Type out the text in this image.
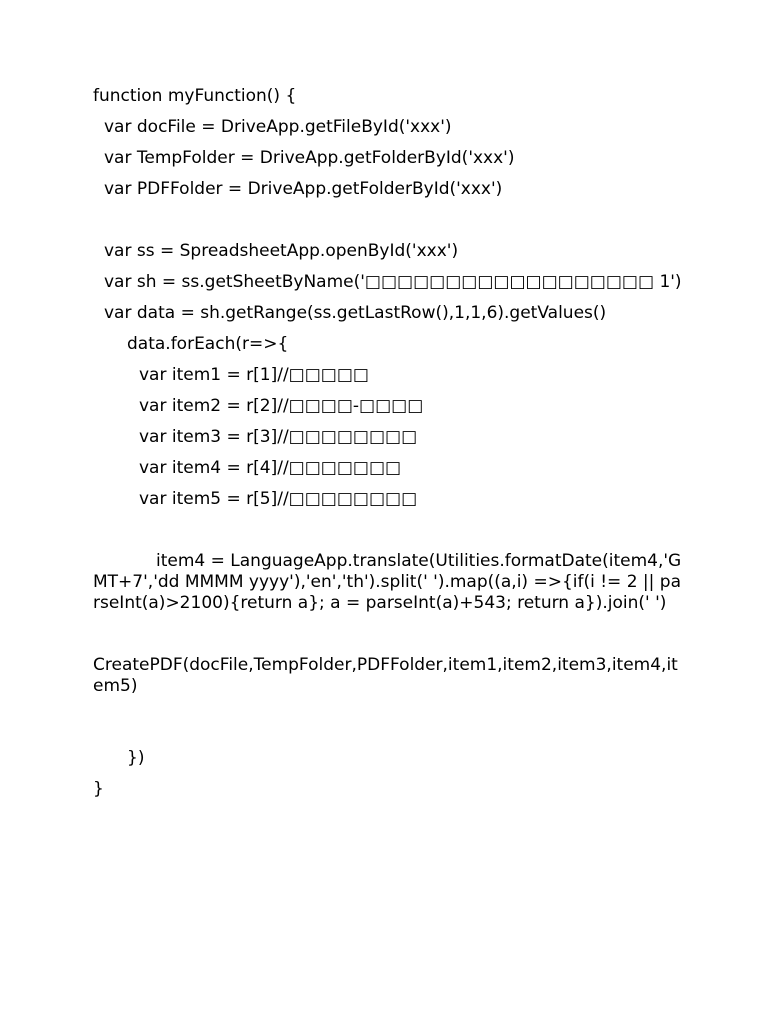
function myFunction() {
var docFile = DriveApp.getFileById('xxx')
var TempFolder = DriveApp.getFolderById('xxx')
var PDFFolder = DriveApp.getFolderById('xxx')
var ss = SpreadsheetApp.openById('xxx')
var sh = ss.getSheetByName('□□□□□□□□□□□□□□□□□□ 1')
var data = sh.getRange(ss.getLastRow(),1,1,6).getValues()
data.forEach(r=>{
var item1 = r[1]//□□□□□
var item2 = r[2]//□□□□-□□□□
var item3 = r[3]//□□□□□□□□
var item4 = r[4]//□□□□□□□
var item5 = r[5]//□□□□□□□□
item4 = LanguageApp.translate(Utilities.formatDate(item4,'GMT+7','dd MMMM yyyy'),'en','th').split(' ').map((a,i) =>{if(i != 2 || parseInt(a)>2100){return a}; a = parseInt(a)+543; return a}).join(' ')
CreatePDF(docFile,TempFolder,PDFFolder,item1,item2,item3,item4,item5)
})
}
